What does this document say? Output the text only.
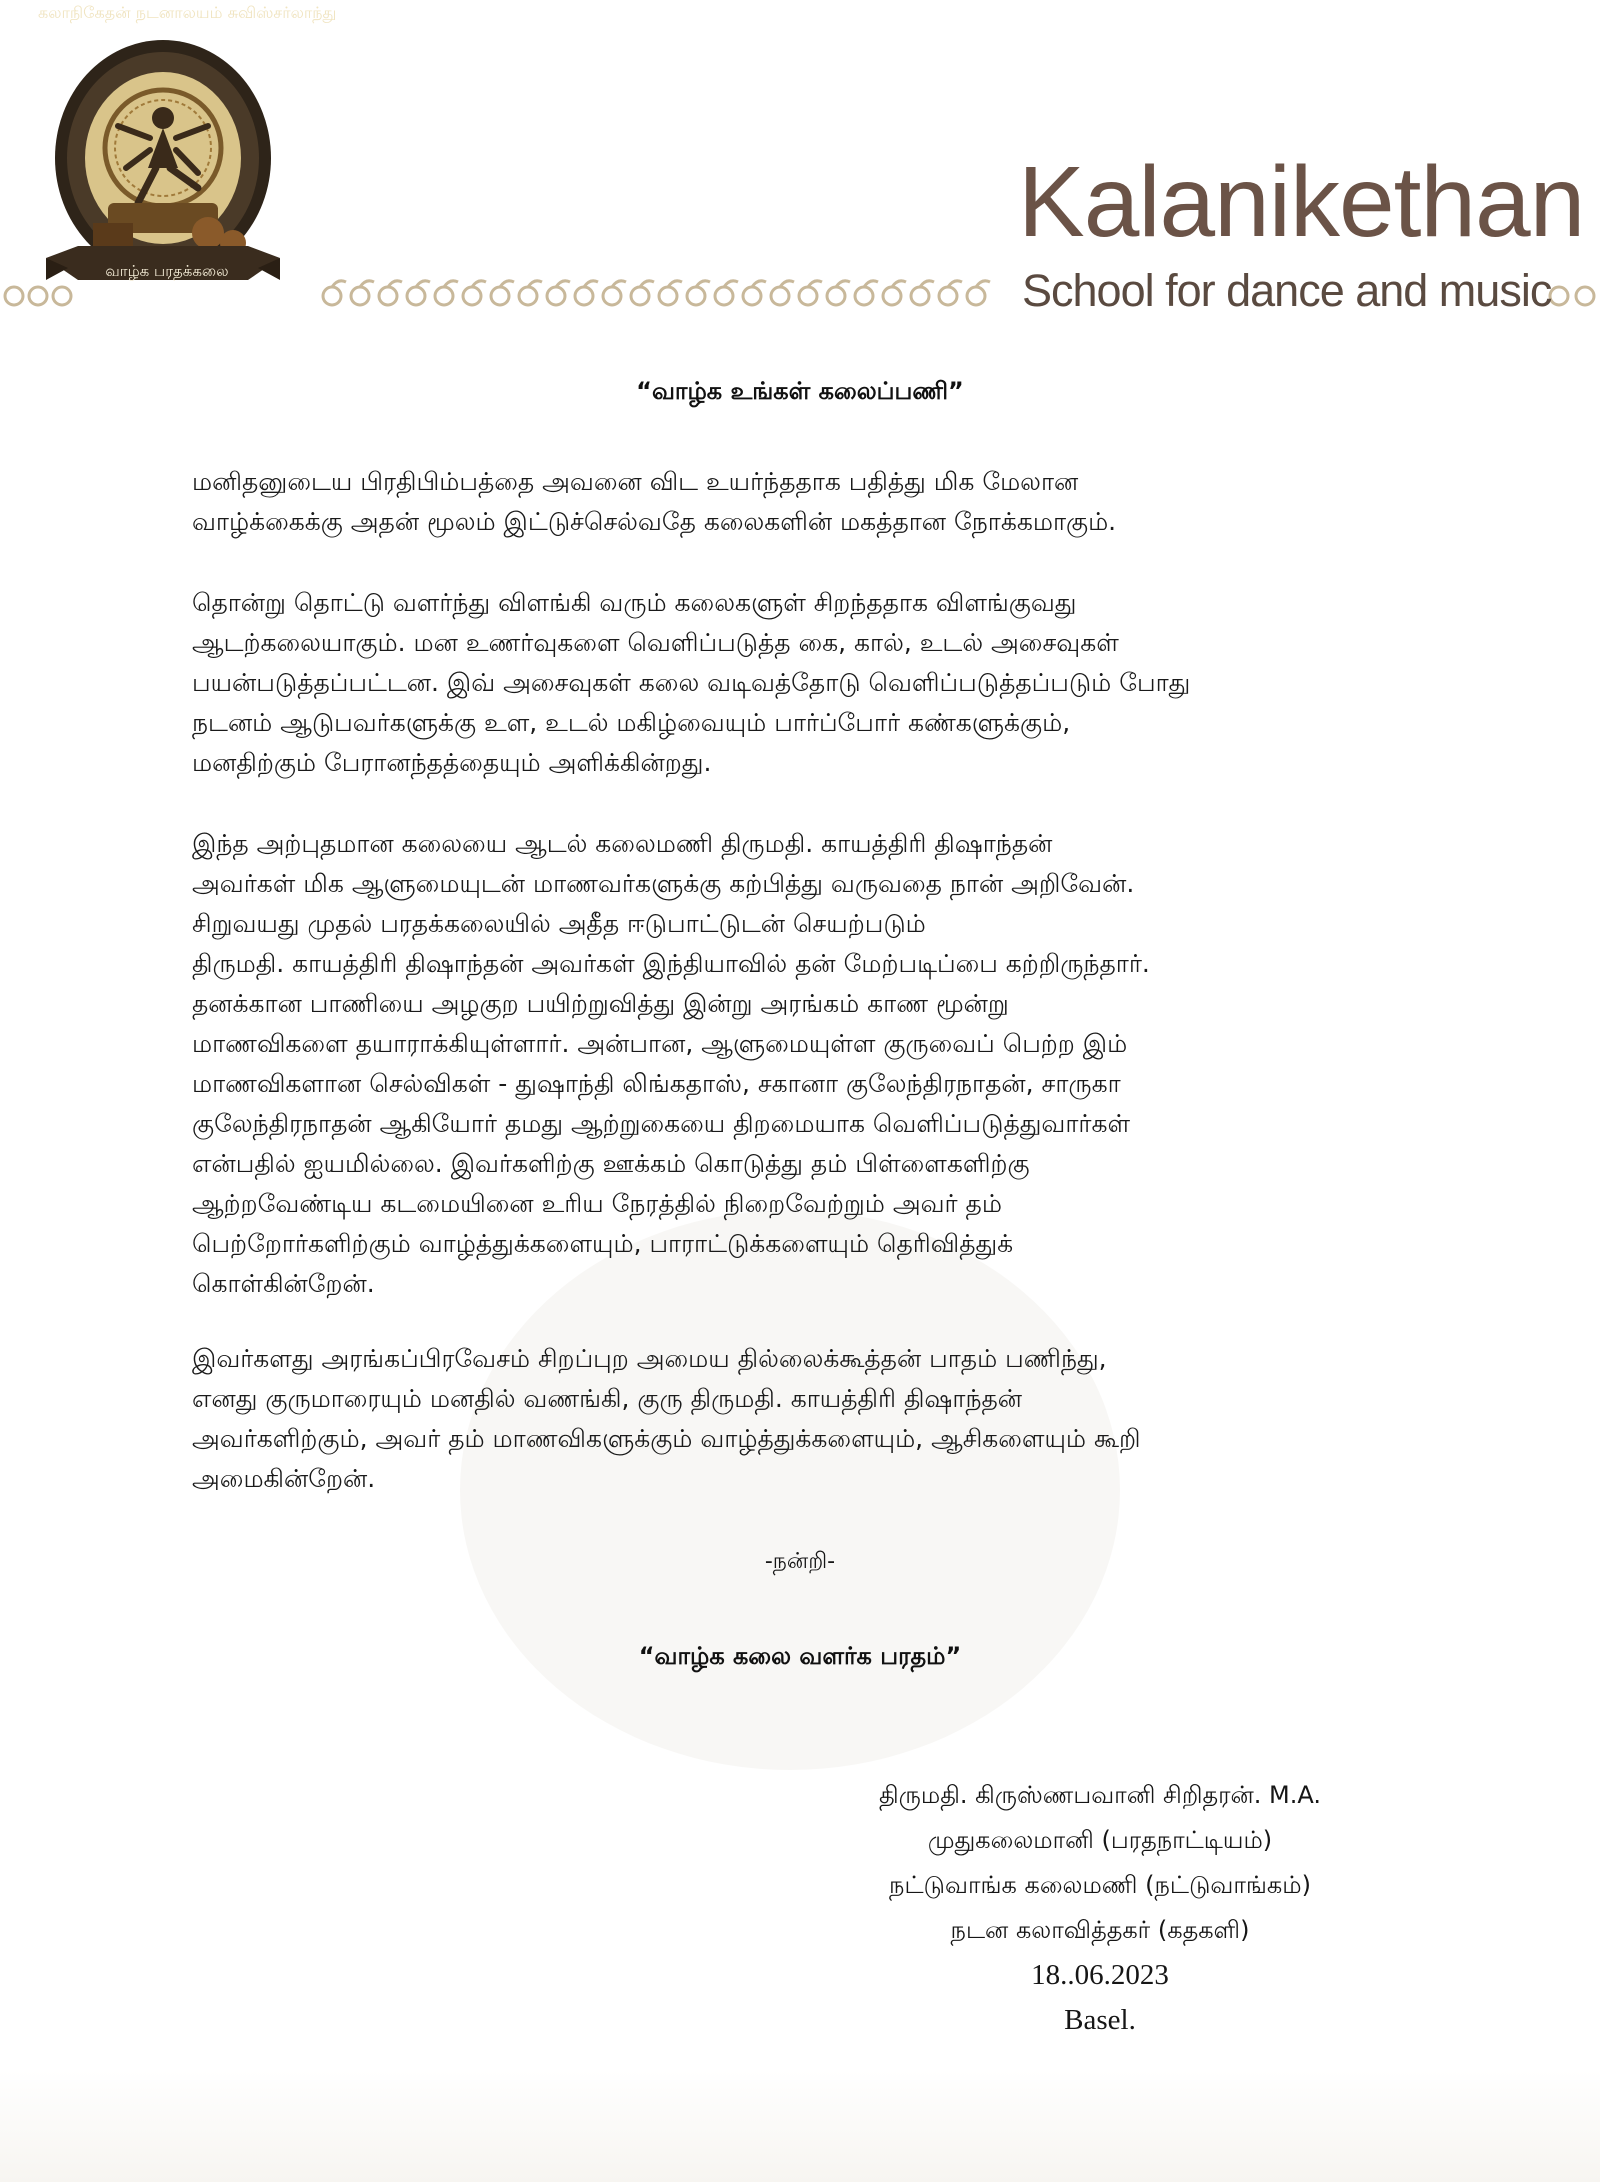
கலாநிகேதன் நடனாலயம் சுவிஸ்சர்லாந்து
வாழ்க பரதக்கலை
Kalanikethan
School for dance and music
“வாழ்க உங்கள் கலைப்பணி”
மனிதனுடைய பிரதிபிம்பத்தை அவனை விட உயர்ந்ததாக பதித்து மிக மேலான
வாழ்க்கைக்கு அதன் மூலம் இட்டுச்செல்வதே கலைகளின் மகத்தான நோக்கமாகும்.
தொன்று தொட்டு வளர்ந்து விளங்கி வரும் கலைகளுள் சிறந்ததாக விளங்குவது
ஆடற்கலையாகும். மன உணர்வுகளை வெளிப்படுத்த கை, கால், உடல் அசைவுகள்
பயன்படுத்தப்பட்டன. இவ் அசைவுகள் கலை வடிவத்தோடு வெளிப்படுத்தப்படும் போது
நடனம் ஆடுபவர்களுக்கு உள, உடல் மகிழ்வையும் பார்ப்போர் கண்களுக்கும்,
மனதிற்கும் பேரானந்தத்தையும் அளிக்கின்றது.
இந்த அற்புதமான கலையை ஆடல் கலைமணி திருமதி. காயத்திரி திஷாந்தன்
அவர்கள் மிக ஆளுமையுடன் மாணவர்களுக்கு கற்பித்து வருவதை நான் அறிவேன்.
சிறுவயது முதல் பரதக்கலையில் அதீத ஈடுபாட்டுடன் செயற்படும்
திருமதி. காயத்திரி திஷாந்தன் அவர்கள் இந்தியாவில் தன் மேற்படிப்பை கற்றிருந்தார்.
தனக்கான பாணியை அழகுற பயிற்றுவித்து இன்று அரங்கம் காண மூன்று
மாணவிகளை தயாராக்கியுள்ளார். அன்பான, ஆளுமையுள்ள குருவைப் பெற்ற இம்
மாணவிகளான செல்விகள் - துஷாந்தி லிங்கதாஸ், சகானா குலேந்திரநாதன், சாருகா
குலேந்திரநாதன் ஆகியோர் தமது ஆற்றுகையை திறமையாக வெளிப்படுத்துவார்கள்
என்பதில் ஐயமில்லை. இவர்களிற்கு ஊக்கம் கொடுத்து தம் பிள்ளைகளிற்கு
ஆற்றவேண்டிய கடமையினை உரிய நேரத்தில் நிறைவேற்றும் அவர் தம்
பெற்றோர்களிற்கும் வாழ்த்துக்களையும், பாராட்டுக்களையும் தெரிவித்துக்
கொள்கின்றேன்.
இவர்களது அரங்கப்பிரவேசம் சிறப்புற அமைய தில்லைக்கூத்தன் பாதம் பணிந்து,
எனது குருமாரையும் மனதில் வணங்கி, குரு திருமதி. காயத்திரி திஷாந்தன்
அவர்களிற்கும், அவர் தம் மாணவிகளுக்கும் வாழ்த்துக்களையும், ஆசிகளையும் கூறி
அமைகின்றேன்.
-நன்றி-
“வாழ்க கலை வளர்க பரதம்”
திருமதி. கிருஸ்ணபவானி சிறிதரன். M.A.
முதுகலைமானி (பரதநாட்டியம்)
நட்டுவாங்க கலைமணி (நட்டுவாங்கம்)
நடன கலாவித்தகர் (கதகளி)
18..06.2023
Basel.
